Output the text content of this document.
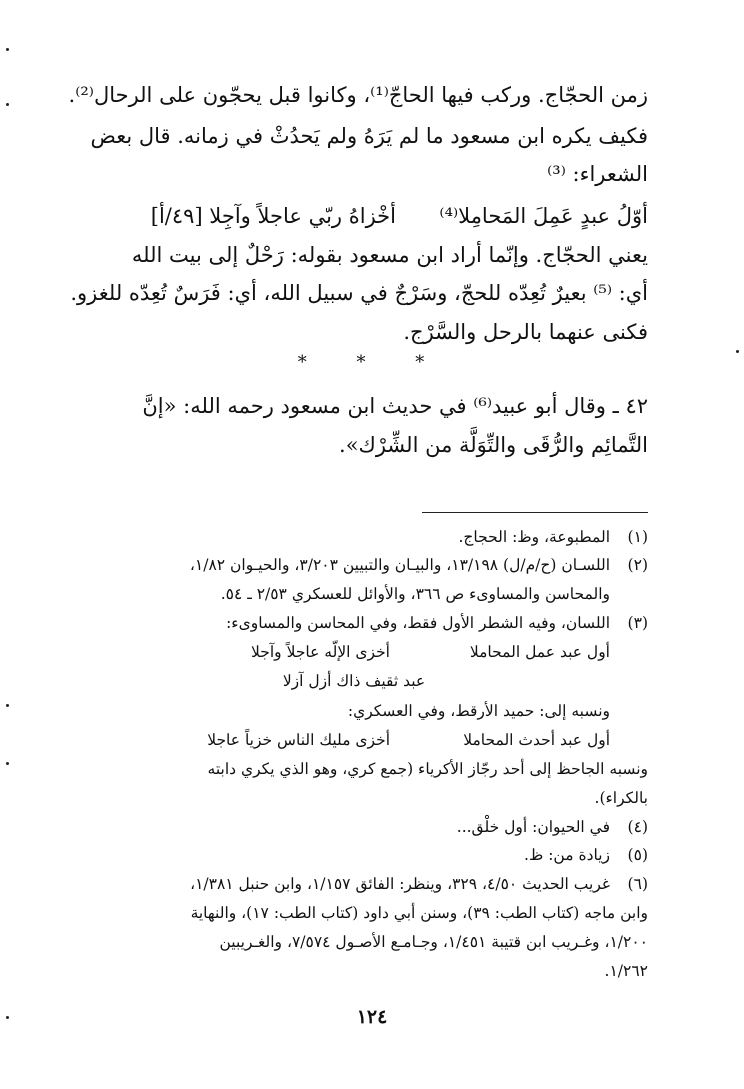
زمن الحجّاج. وركب فيها الحاجّ⁽¹⁾، وكانوا قبل يحجّون على الرحال⁽²⁾.
فكيف يكره ابن مسعود ما لم يَرَهُ ولم يَحدُثْ في زمانه. قال بعض
الشعراء: ⁽³⁾
أوّلُ عبدٍ عَمِلَ المَحامِلا⁽⁴⁾
أخْزاهُ ربّي عاجلاً وآجِلا [٤٩/أ]
يعني الحجّاج. وإنّما أراد ابن مسعود بقوله: رَحْلٌ إلى بيت الله
أي: ⁽⁵⁾ بعيرٌ تُعِدّه للحجّ، وسَرْجٌ في سبيل الله، أي: فَرَسٌ تُعِدّه للغزو.
فكنى عنهما بالرحل والسَّرْج.
* * *
٤٢ ـ وقال أبو عبيد⁽⁶⁾ في حديث ابن مسعود رحمه الله: «إنَّ
التَّمائِم والرُّقَى والتِّوَلَّة من الشِّرْك».
(١)
المطبوعة، وظ: الحجاج.
(٢)
اللسـان (ح/م/ل) ١٣/١٩٨، والبيـان والتبيين ٣/٢٠٣، والحيـوان ١/٨٢،
والمحاسن والمساوىء ص ٣٦٦، والأوائل للعسكري ٢/٥٣ ـ ٥٤.
(٣)
اللسان، وفيه الشطر الأول فقط، وفي المحاسن والمساوىء:
أول عبد عمل المحاملا
أخزى الإلّه عاجلاً وآجلا
عبد ثقيف ذاك أزل آزلا
ونسبه إلى: حميد الأرقط، وفي العسكري:
أول عبد أحدث المحاملا
أخزى مليك الناس خزياً عاجلا
ونسبه الجاحظ إلى أحد رجّاز الأكرياء (جمع كري، وهو الذي يكري دابته
بالكراء).
(٤)
في الحيوان: أول خلْق...
(٥)
زيادة من: ظ.
(٦)
غريب الحديث ٤/٥٠، ٣٢٩، وينظر: الفائق ١/١٥٧، وابن حنبل ١/٣٨١،
وابن ماجه (كتاب الطب: ٣٩)، وسنن أبي داود (كتاب الطب: ١٧)، والنهاية
١/٢٠٠، وغـريب ابن قتيبة ١/٤٥١، وجـامـع الأصـول ٧/٥٧٤، والغـريبين
١/٢٦٢.
١٢٤
